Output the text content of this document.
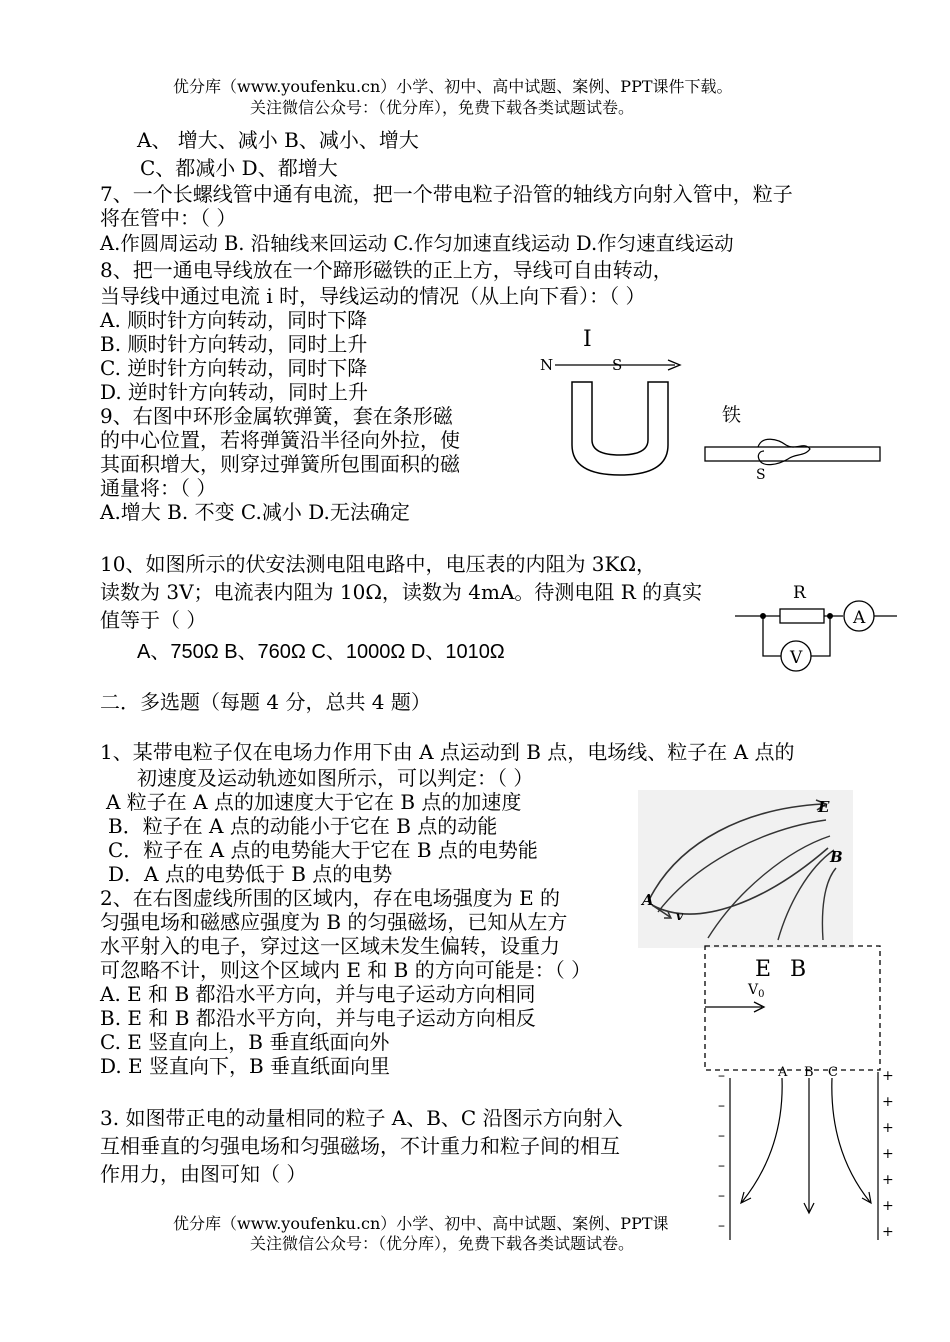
优分库（www.youfenku.cn）小学、初中、高中试题、案例、PPT课件下载。
关注微信公众号：（优分库），免费下载各类试题试卷。
A、 增大、减小 B、减小、增大
C、都减小 D、都增大
7、一个长螺线管中通有电流，把一个带电粒子沿管的轴线方向射入管中，粒子
将在管中：（ ）
A.作圆周运动 B. 沿轴线来回运动 C.作匀加速直线运动 D.作匀速直线运动
8、把一通电导线放在一个蹄形磁铁的正上方，导线可自由转动，
当导线中通过电流 i 时，导线运动的情况（从上向下看）：（ ）
A. 顺时针方向转动，同时下降
B. 顺时针方向转动，同时上升
C. 逆时针方向转动，同时下降
D. 逆时针方向转动，同时上升
I
N	S
铁
S
9、右图中环形金属软弹簧，套在条形磁
的中心位置，若将弹簧沿半径向外拉，使
其面积增大，则穿过弹簧所包围面积的磁
通量将：（ ）
A.增大 B. 不变 C.减小 D.无法确定
10、如图所示的伏安法测电阻电路中，电压表的内阻为 3KΩ，
读数为 3V；电流表内阻为 10Ω，读数为 4mA。待测电阻 R 的真实
值等于（ ）
A、750Ω B、760Ω C、1000Ω D、1010Ω
R
A
V
二．多选题（每题 4 分，总共 4 题）
1、某带电粒子仅在电场力作用下由 A 点运动到 B 点，电场线、粒子在 A 点的
初速度及运动轨迹如图所示，可以判定：（ ）
A 粒子在 A 点的加速度大于它在 B 点的加速度
B．粒子在 A 点的动能小于它在 B 点的动能
C．粒子在 A 点的电势能大于它在 B 点的电势能
D．A 点的电势低于 B 点的电势
E
B
A
v
2、在右图虚线所围的区域内，存在电场强度为 E 的
匀强电场和磁感应强度为 B 的匀强磁场，已知从左方
水平射入的电子，穿过这一区域未发生偏转，设重力
可忽略不计，则这个区域内 E 和 B 的方向可能是：（ ）
A. E 和 B 都沿水平方向，并与电子运动方向相同
B. E 和 B 都沿水平方向，并与电子运动方向相反
C. E 竖直向上，B 垂直纸面向外
D. E 竖直向下，B 垂直纸面向里
E B
$V_0$
A B C
–
–
–
–
–
–
+
+
+
+
+
+
+
3. 如图带正电的动量相同的粒子 A、B、C 沿图示方向射入
互相垂直的匀强电场和匀强磁场，不计重力和粒子间的相互
作用力，由图可知（ ）
优分库（www.youfenku.cn）小学、初中、高中试题、案例、PPT课
关注微信公众号：（优分库），免费下载各类试题试卷。
